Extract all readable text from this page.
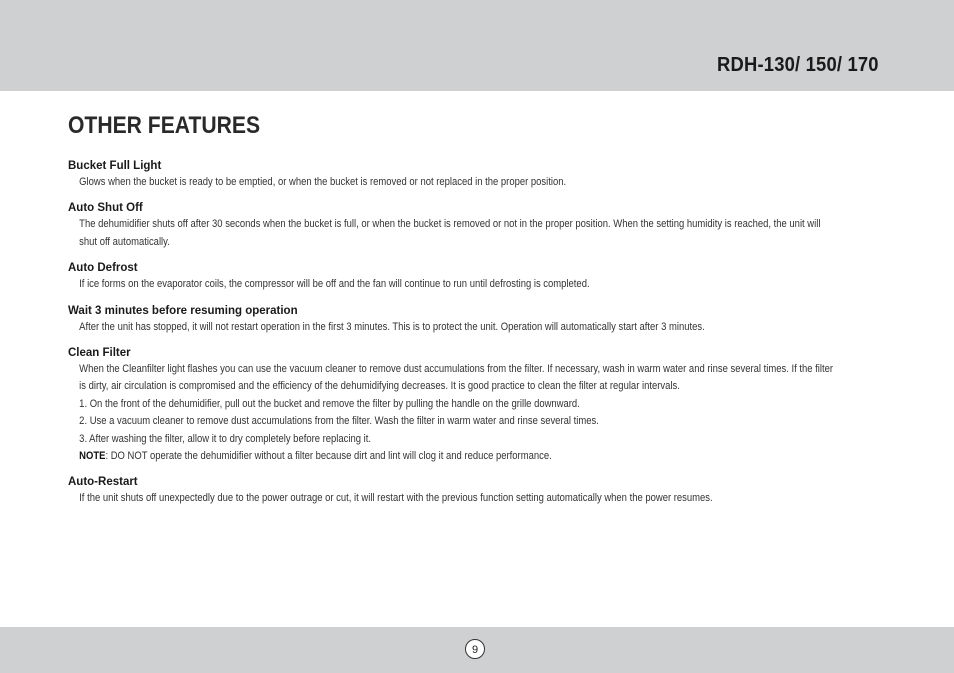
RDH-130/ 150/ 170
OTHER FEATURES
Bucket Full Light

Glows when the bucket is ready to be emptied, or when the bucket is removed or not replaced in the proper position.

Auto Shut Off

The dehumidifier shuts off after 30 seconds when the bucket is full, or when the bucket is removed or not in the proper position. When the setting humidity is reached, the unit will

shut off automatically.

Auto Defrost

If ice forms on the evaporator coils, the compressor will be off and the fan will continue to run until defrosting is completed.

Wait 3 minutes before resuming operation

After the unit has stopped, it will not restart operation in the first 3 minutes. This is to protect the unit. Operation will automatically start after 3 minutes.

Clean Filter

When the Cleanfilter light flashes you can use the vacuum cleaner to remove dust accumulations from the filter. If necessary, wash in warm water and rinse several times. If the filter

is dirty, air circulation is compromised and the efficiency of the dehumidifying decreases. It is good practice to clean the filter at regular intervals.

1. On the front of the dehumidifier, pull out the bucket and remove the filter by pulling the handle on the grille downward.

2. Use a vacuum cleaner to remove dust accumulations from the filter. Wash the filter in warm water and rinse several times.

3. After washing the filter, allow it to dry completely before replacing it.

NOTE: DO NOT operate the dehumidifier without a filter because dirt and lint will clog it and reduce performance.

Auto-Restart

If the unit shuts off unexpectedly due to the power outrage or cut, it will restart with the previous function setting automatically when the power resumes.

9
